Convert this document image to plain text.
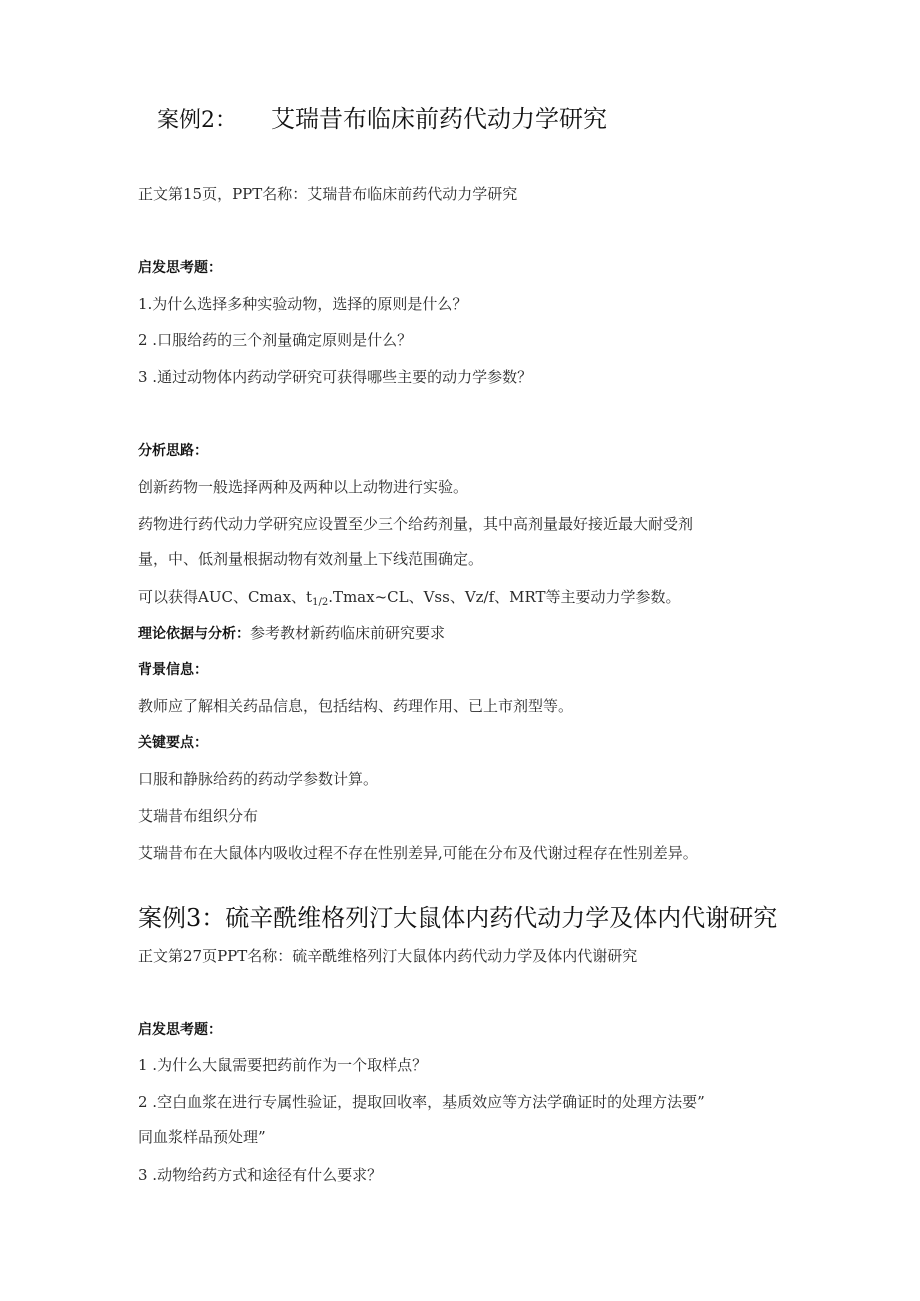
案例2： 艾瑞昔布临床前药代动力学研究
正文第15页，PPT名称：艾瑞昔布临床前药代动力学研究
启发思考题：
1.为什么选择多种实验动物，选择的原则是什么？
2 .口服给药的三个剂量确定原则是什么？
3 .通过动物体内药动学研究可获得哪些主要的动力学参数？
分析思路：
创新药物一般选择两种及两种以上动物进行实验。
药物进行药代动力学研究应设置至少三个给药剂量，其中高剂量最好接近最大耐受剂
量，中、低剂量根据动物有效剂量上下线范围确定。
可以获得AUC、Cmax、$t_{1/2}.Tmax\sim CL$、Vss、Vz/f、MRT等主要动力学参数。
理论依据与分析：参考教材新药临床前研究要求
背景信息：
教师应了解相关药品信息，包括结构、药理作用、已上市剂型等。
关键要点：
口服和静脉给药的药动学参数计算。
艾瑞昔布组织分布
艾瑞昔布在大鼠体内吸收过程不存在性别差异,可能在分布及代谢过程存在性别差异。
案例3：硫辛酰维格列汀大鼠体内药代动力学及体内代谢研究
正文第27页PPT名称：硫辛酰维格列汀大鼠体内药代动力学及体内代谢研究
启发思考题：
1 .为什么大鼠需要把药前作为一个取样点？
2 .空白血浆在进行专属性验证，提取回收率，基质效应等方法学确证时的处理方法要”
同血浆样品预处理”
3 .动物给药方式和途径有什么要求？
